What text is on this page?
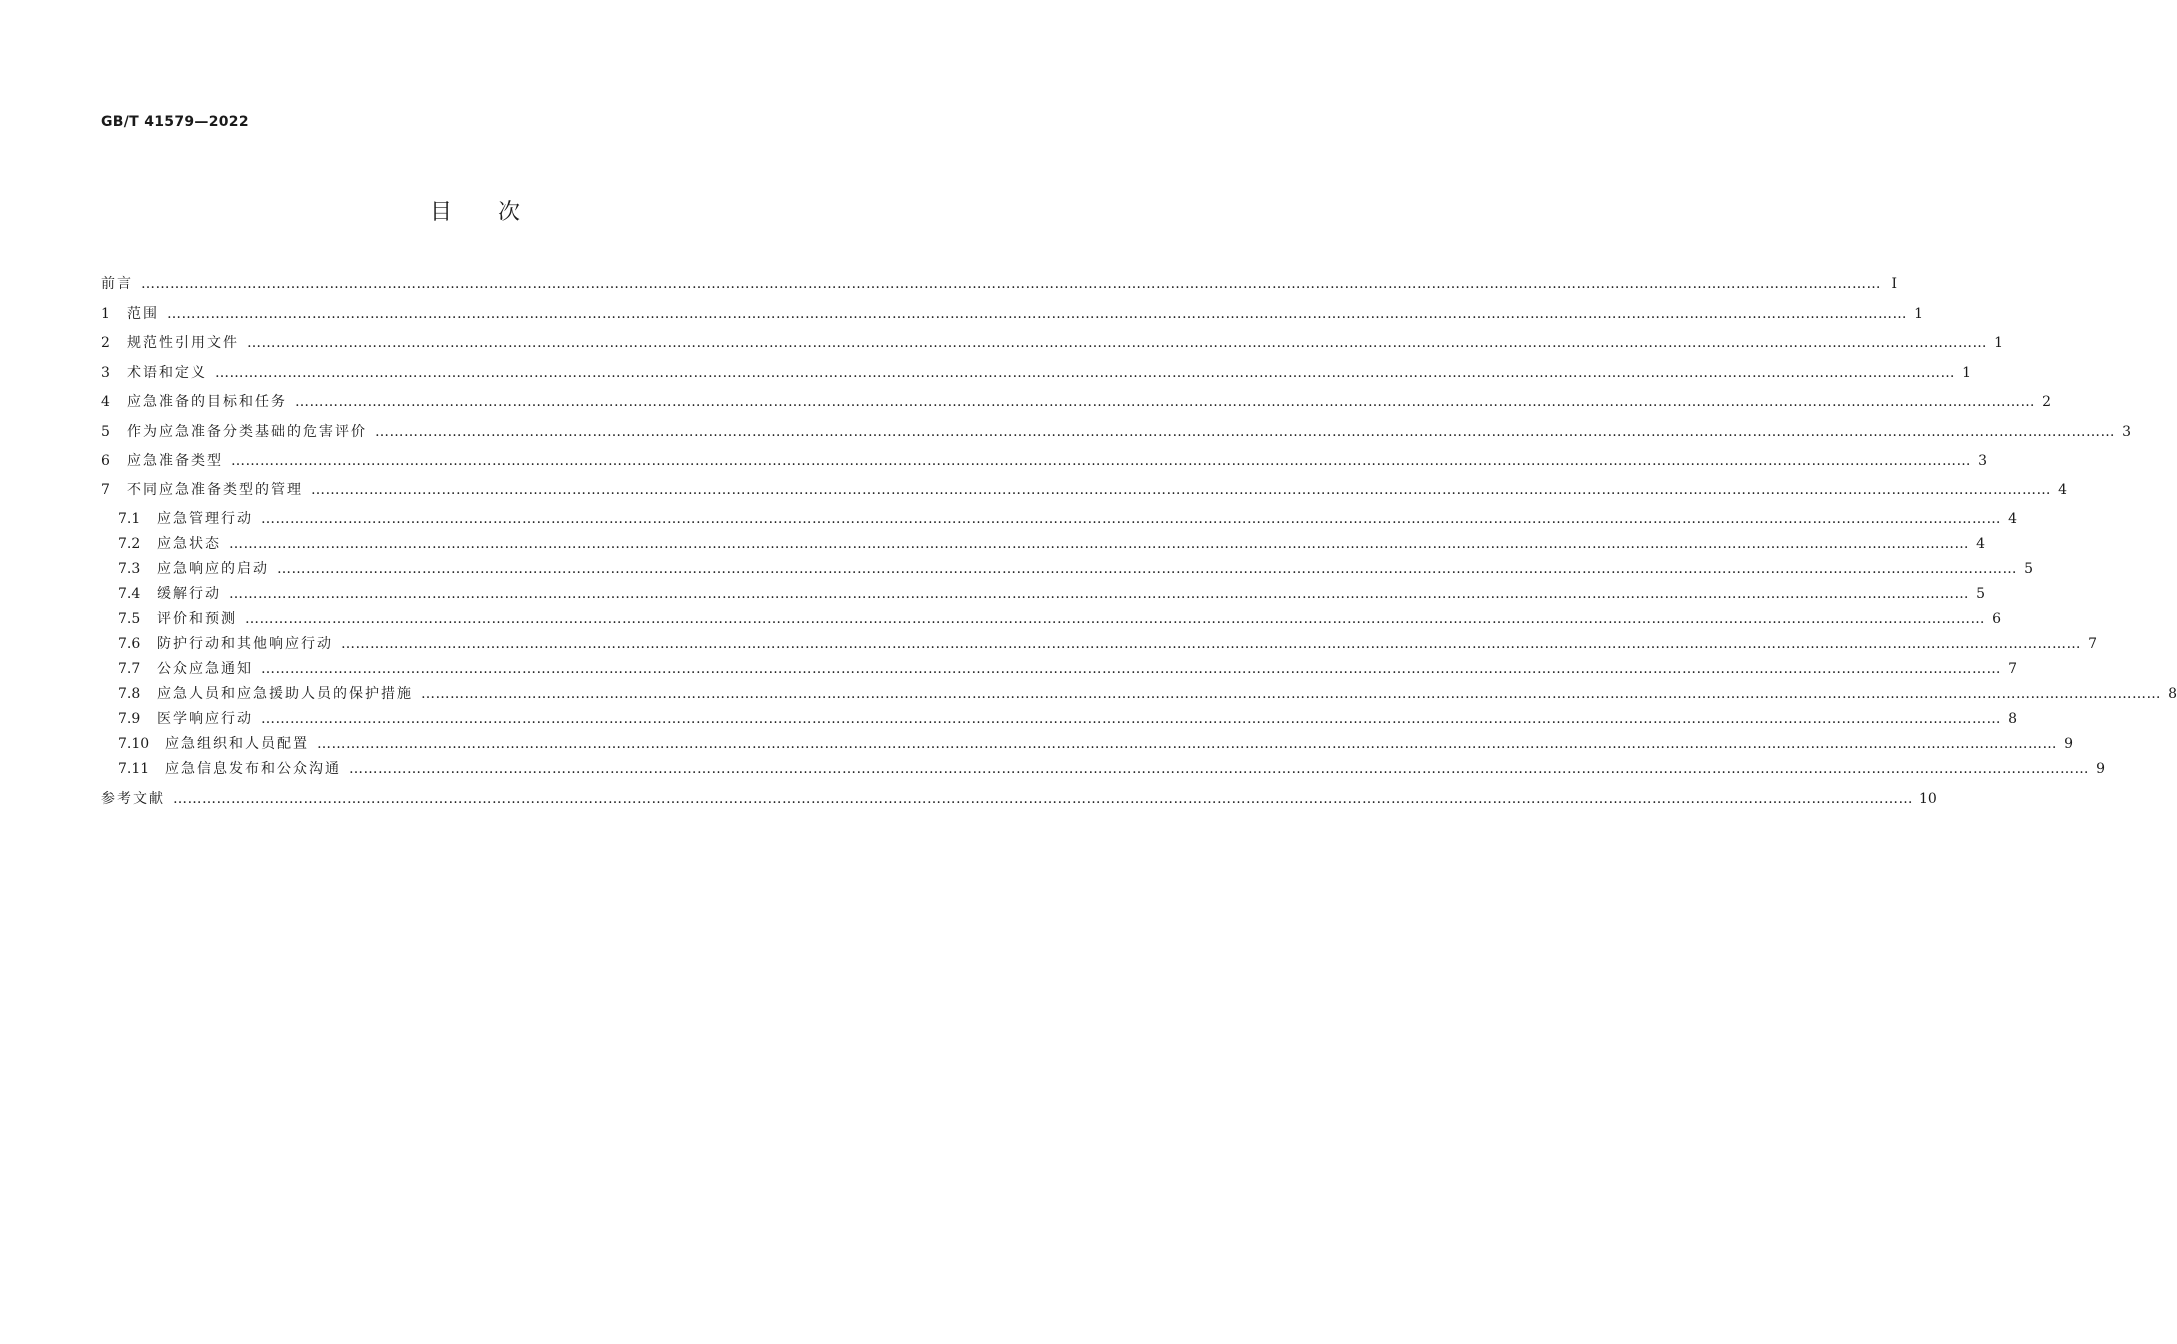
GB/T 41579—2022
目次
前言 ……………………………………………………………………………………………………………………………………………………………………………………………………………………………………………………………………………………………………………………………… Ⅰ
1	范围 ……………………………………………………………………………………………………………………………………………………………………………………………………………………………………………………………………………………………………………………………… 1
2	规范性引用文件 ……………………………………………………………………………………………………………………………………………………………………………………………………………………………………………………………………………………………………………………………… 1
3	术语和定义 ……………………………………………………………………………………………………………………………………………………………………………………………………………………………………………………………………………………………………………………………… 1
4	应急准备的目标和任务 ……………………………………………………………………………………………………………………………………………………………………………………………………………………………………………………………………………………………………………………………… 2
5	作为应急准备分类基础的危害评价 ……………………………………………………………………………………………………………………………………………………………………………………………………………………………………………………………………………………………………………………………… 3
6	应急准备类型 ……………………………………………………………………………………………………………………………………………………………………………………………………………………………………………………………………………………………………………………………… 3
7	不同应急准备类型的管理 ……………………………………………………………………………………………………………………………………………………………………………………………………………………………………………………………………………………………………………………………… 4
7.1	应急管理行动 ……………………………………………………………………………………………………………………………………………………………………………………………………………………………………………………………………………………………………………………………… 4
7.2	应急状态 ……………………………………………………………………………………………………………………………………………………………………………………………………………………………………………………………………………………………………………………………… 4
7.3	应急响应的启动 ……………………………………………………………………………………………………………………………………………………………………………………………………………………………………………………………………………………………………………………………… 5
7.4	缓解行动 ……………………………………………………………………………………………………………………………………………………………………………………………………………………………………………………………………………………………………………………………… 5
7.5	评价和预测 ……………………………………………………………………………………………………………………………………………………………………………………………………………………………………………………………………………………………………………………………… 6
7.6	防护行动和其他响应行动 ……………………………………………………………………………………………………………………………………………………………………………………………………………………………………………………………………………………………………………………………… 7
7.7	公众应急通知 ……………………………………………………………………………………………………………………………………………………………………………………………………………………………………………………………………………………………………………………………… 7
7.8	应急人员和应急援助人员的保护措施 ……………………………………………………………………………………………………………………………………………………………………………………………………………………………………………………………………………………………………………………………… 8
7.9	医学响应行动 ……………………………………………………………………………………………………………………………………………………………………………………………………………………………………………………………………………………………………………………………… 8
7.10	应急组织和人员配置 ……………………………………………………………………………………………………………………………………………………………………………………………………………………………………………………………………………………………………………………………… 9
7.11	应急信息发布和公众沟通 ……………………………………………………………………………………………………………………………………………………………………………………………………………………………………………………………………………………………………………………………… 9
参考文献 ……………………………………………………………………………………………………………………………………………………………………………………………………………………………………………………………………………………………………………………………… 10
